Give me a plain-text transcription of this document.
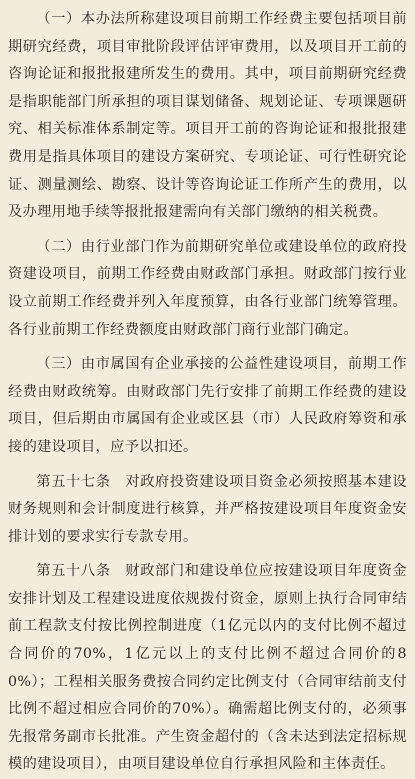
（一）本办法所称建设项目前期工作经费主要包括项目前期研究经费，项目审批阶段评估评审费用，以及项目开工前的咨询论证和报批报建所发生的费用。其中，项目前期研究经费是指职能部门所承担的项目谋划储备、规划论证、专项课题研究、相关标准体系制定等。项目开工前的咨询论证和报批报建费用是指具体项目的建设方案研究、专项论证、可行性研究论证、测量测绘、勘察、设计等咨询论证工作所产生的费用，以及办理用地手续等报批报建需向有关部门缴纳的相关税费。

（二）由行业部门作为前期研究单位或建设单位的政府投资建设项目，前期工作经费由财政部门承担。财政部门按行业设立前期工作经费并列入年度预算，由各行业部门统筹管理。各行业前期工作经费额度由财政部门商行业部门确定。

（三）由市属国有企业承接的公益性建设项目，前期工作经费由财政统筹。由财政部门先行安排了前期工作经费的建设项目，但后期由市属国有企业或区县（市）人民政府筹资和承接的建设项目，应予以扣还。

第五十七条　对政府投资建设项目资金必须按照基本建设财务规则和会计制度进行核算，并严格按建设项目年度资金安排计划的要求实行专款专用。

第五十八条　财政部门和建设单位应按建设项目年度资金安排计划及工程建设进度依规拨付资金，原则上执行合同审结前工程款支付按比例控制进度（1亿元以内的支付比例不超过合同价的70%，1亿元以上的支付比例不超过合同价的80%）；工程相关服务费按合同约定比例支付（合同审结前支付比例不超过相应合同价的70%）。确需超比例支付的，必须事先报常务副市长批准。产生资金超付的（含未达到法定招标规模的建设项目），由项目建设单位自行承担风险和主体责任。
